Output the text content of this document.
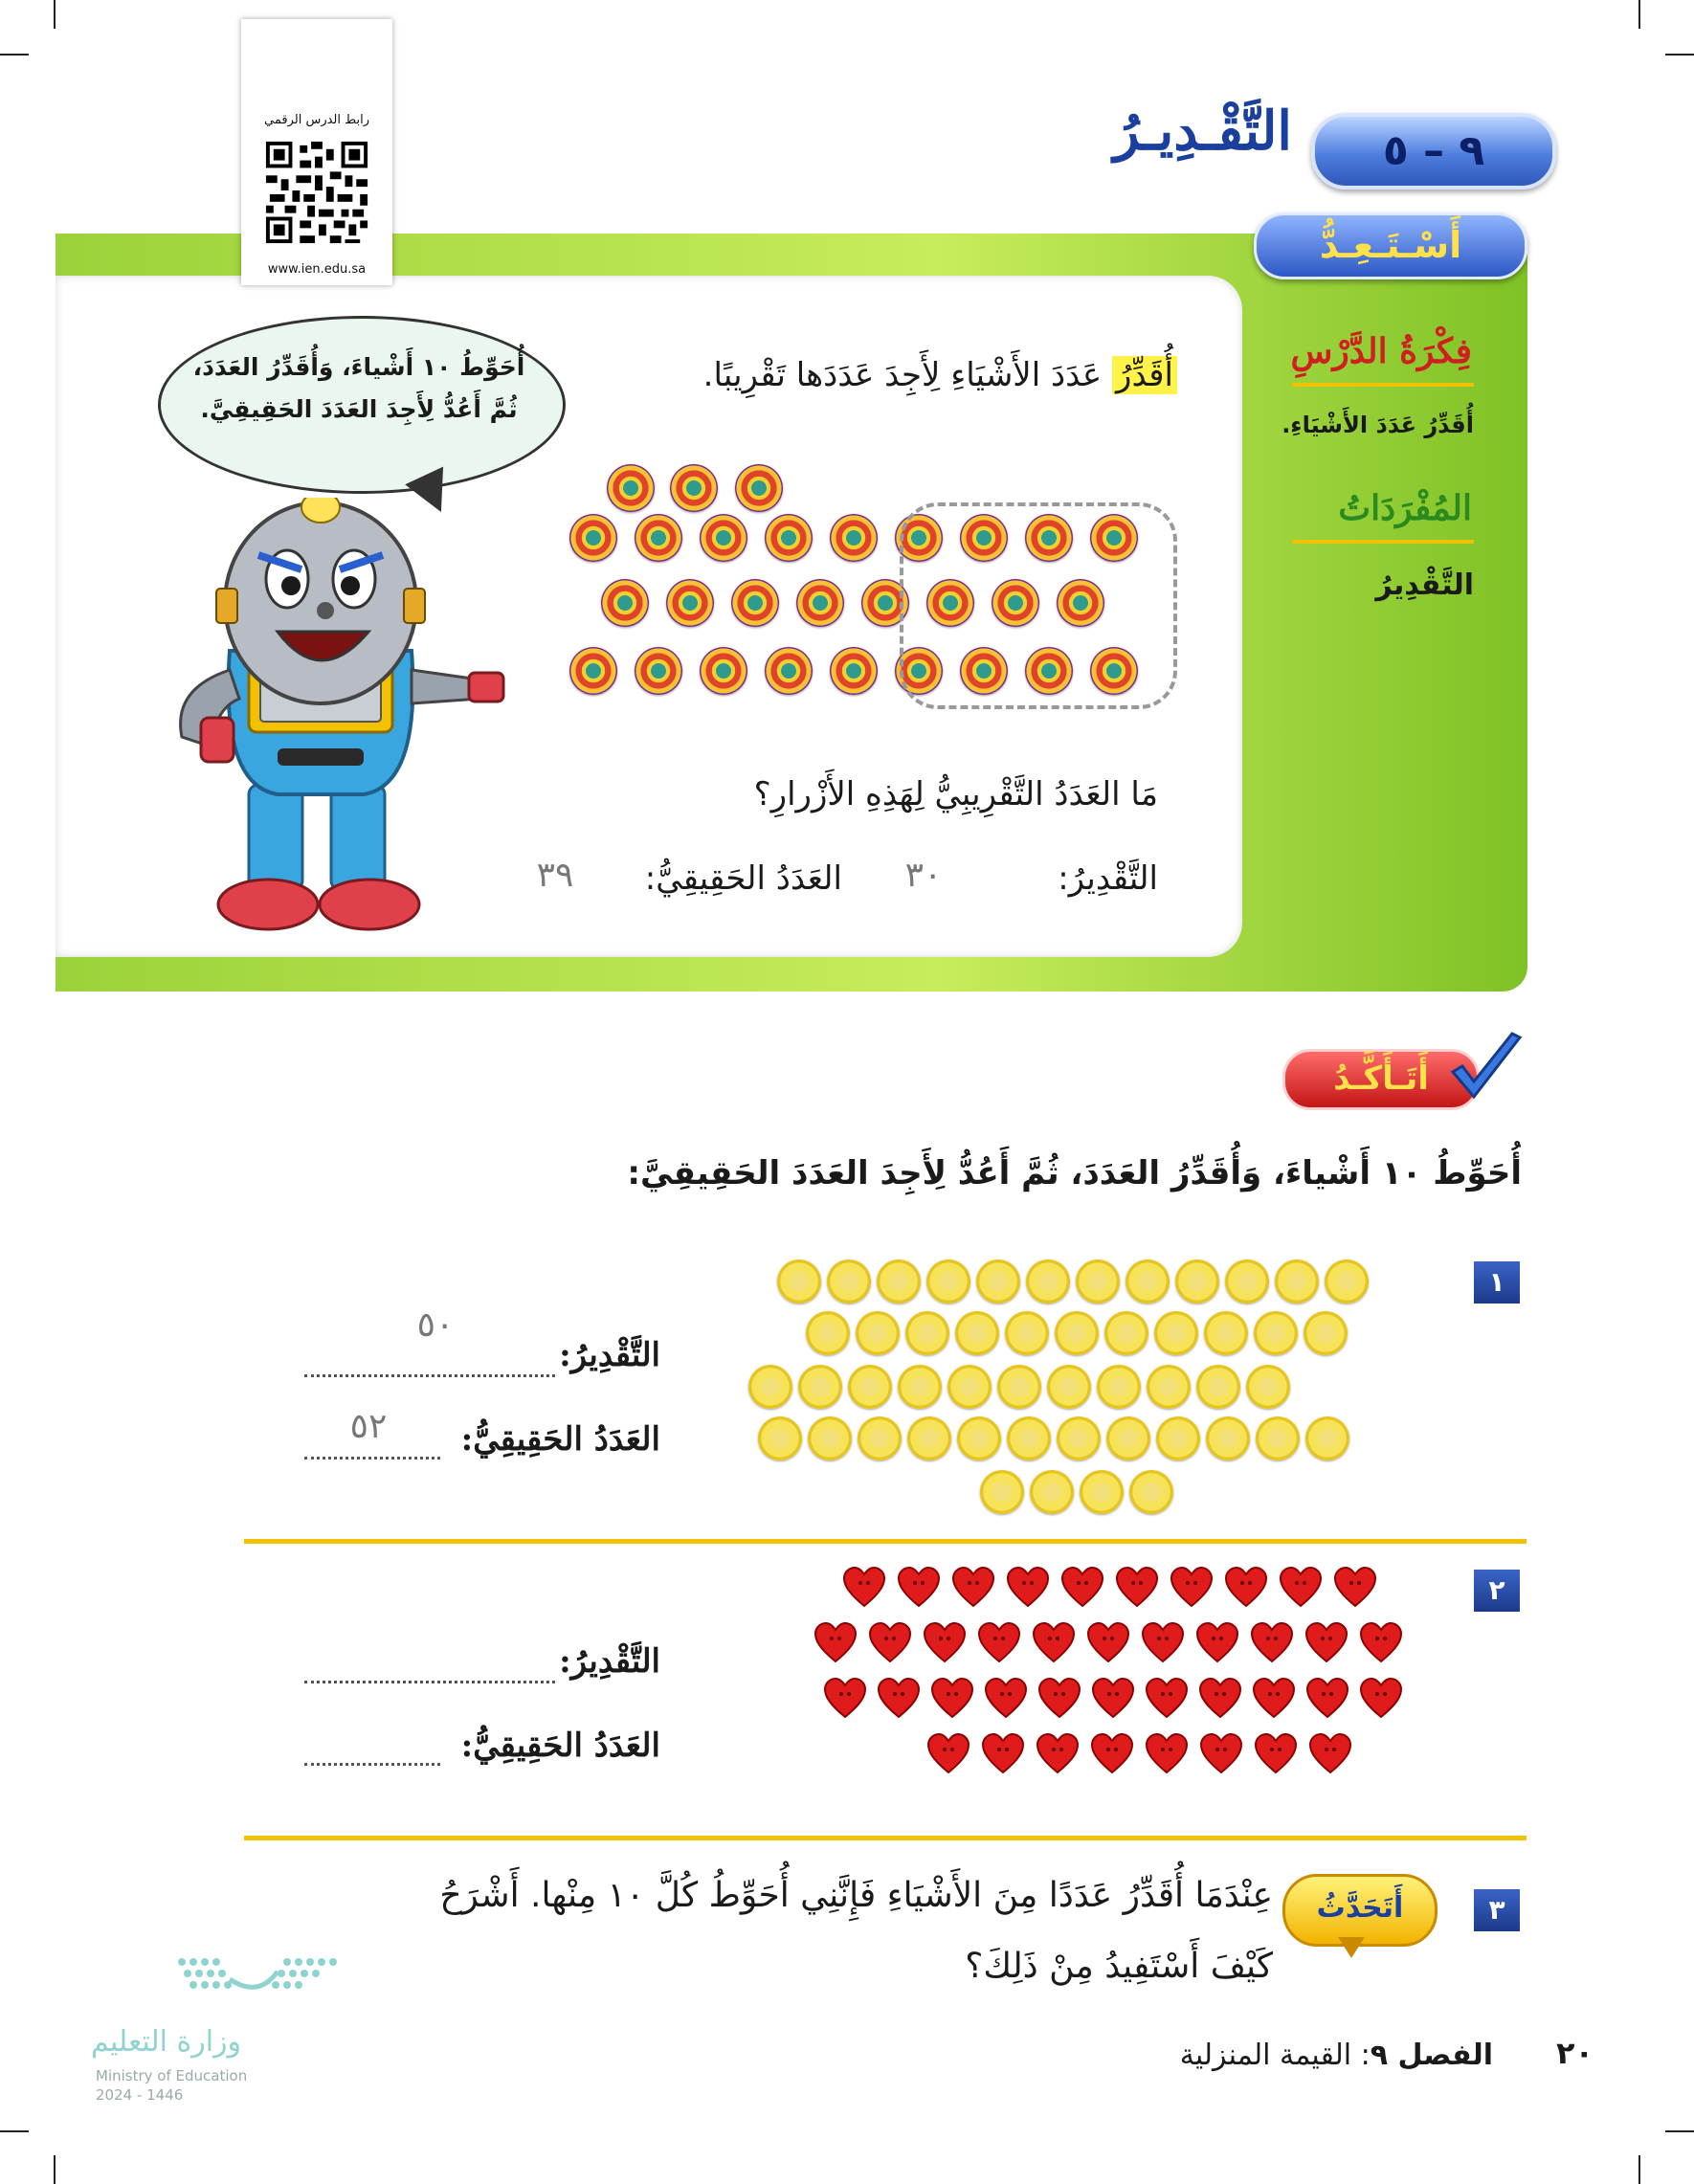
رابط الدرس الرقمي
www.ien.edu.sa
٩ – ٥
التَّقْـدِيـرُ
أَسْـتَـعِـدُّ
فِكْرَةُ الدَّرْسِ
أُقَدِّرُ عَدَدَ الأَشْيَاءِ.
المُفْرَدَاتُ
التَّقْدِيرُ
أُحَوِّطُ ١٠ أَشْياءَ، وَأُقَدِّرُ العَدَدَ،
ثُمَّ أَعُدُّ لِأَجِدَ العَدَدَ الحَقِيقِيَّ.
أُقَدِّرُ عَدَدَ الأَشْيَاءِ لِأَجِدَ عَدَدَها تَقْرِيبًا.
مَا العَدَدُ التَّقْرِيبِيُّ لِهَذِهِ الأَزْرارِ؟
التَّقْدِيرُ:
٣٠
العَدَدُ الحَقِيقِيُّ:
٣٩
أَتَـأَكَّـدُ
أُحَوِّطُ ١٠ أَشْياءَ، وَأُقَدِّرُ العَدَدَ، ثُمَّ أَعُدُّ لِأَجِدَ العَدَدَ الحَقِيقِيَّ:
١
التَّقْدِيرُ:
٥٠
العَدَدُ الحَقِيقِيُّ:
٥٢
٢
التَّقْدِيرُ:
العَدَدُ الحَقِيقِيُّ:
٣
أَتَحَدَّثُ
عِنْدَمَا أُقَدِّرُ عَدَدًا مِنَ الأَشْيَاءِ فَإِنَّنِي أُحَوِّطُ كُلَّ ١٠ مِنْها. أَشْرَحُ
كَيْفَ أَسْتَفِيدُ مِنْ ذَلِكَ؟
وزارة التعليم
Ministry of Education
2024 - 1446
٢٠
الفصل ٩: القيمة المنزلية
